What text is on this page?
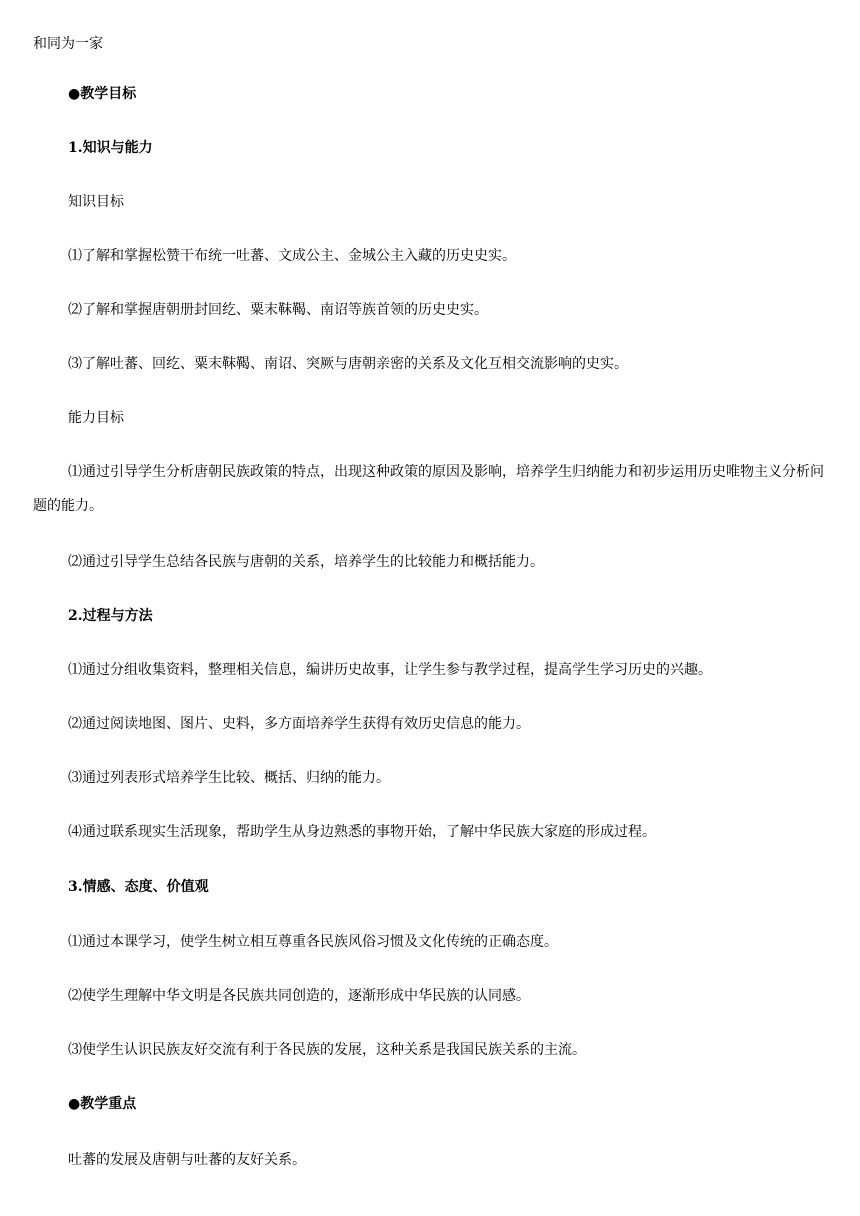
和同为一家
●教学目标
1.知识与能力
知识目标
⑴了解和掌握松赞干布统一吐蕃、文成公主、金城公主入藏的历史史实。
⑵了解和掌握唐朝册封回纥、粟末靺鞨、南诏等族首领的历史史实。
⑶了解吐蕃、回纥、粟末靺鞨、南诏、突厥与唐朝亲密的关系及文化互相交流影响的史实。
能力目标
⑴通过引导学生分析唐朝民族政策的特点，出现这种政策的原因及影响，培养学生归纳能力和初步运用历史唯物主义分析问题的能力。
⑵通过引导学生总结各民族与唐朝的关系，培养学生的比较能力和概括能力。
2.过程与方法
⑴通过分组收集资料，整理相关信息，编讲历史故事，让学生参与教学过程，提高学生学习历史的兴趣。
⑵通过阅读地图、图片、史料，多方面培养学生获得有效历史信息的能力。
⑶通过列表形式培养学生比较、概括、归纳的能力。
⑷通过联系现实生活现象，帮助学生从身边熟悉的事物开始，了解中华民族大家庭的形成过程。
3.情感、态度、价值观
⑴通过本课学习，使学生树立相互尊重各民族风俗习惯及文化传统的正确态度。
⑵使学生理解中华文明是各民族共同创造的，逐渐形成中华民族的认同感。
⑶使学生认识民族友好交流有利于各民族的发展，这种关系是我国民族关系的主流。
●教学重点
吐蕃的发展及唐朝与吐蕃的友好关系。
